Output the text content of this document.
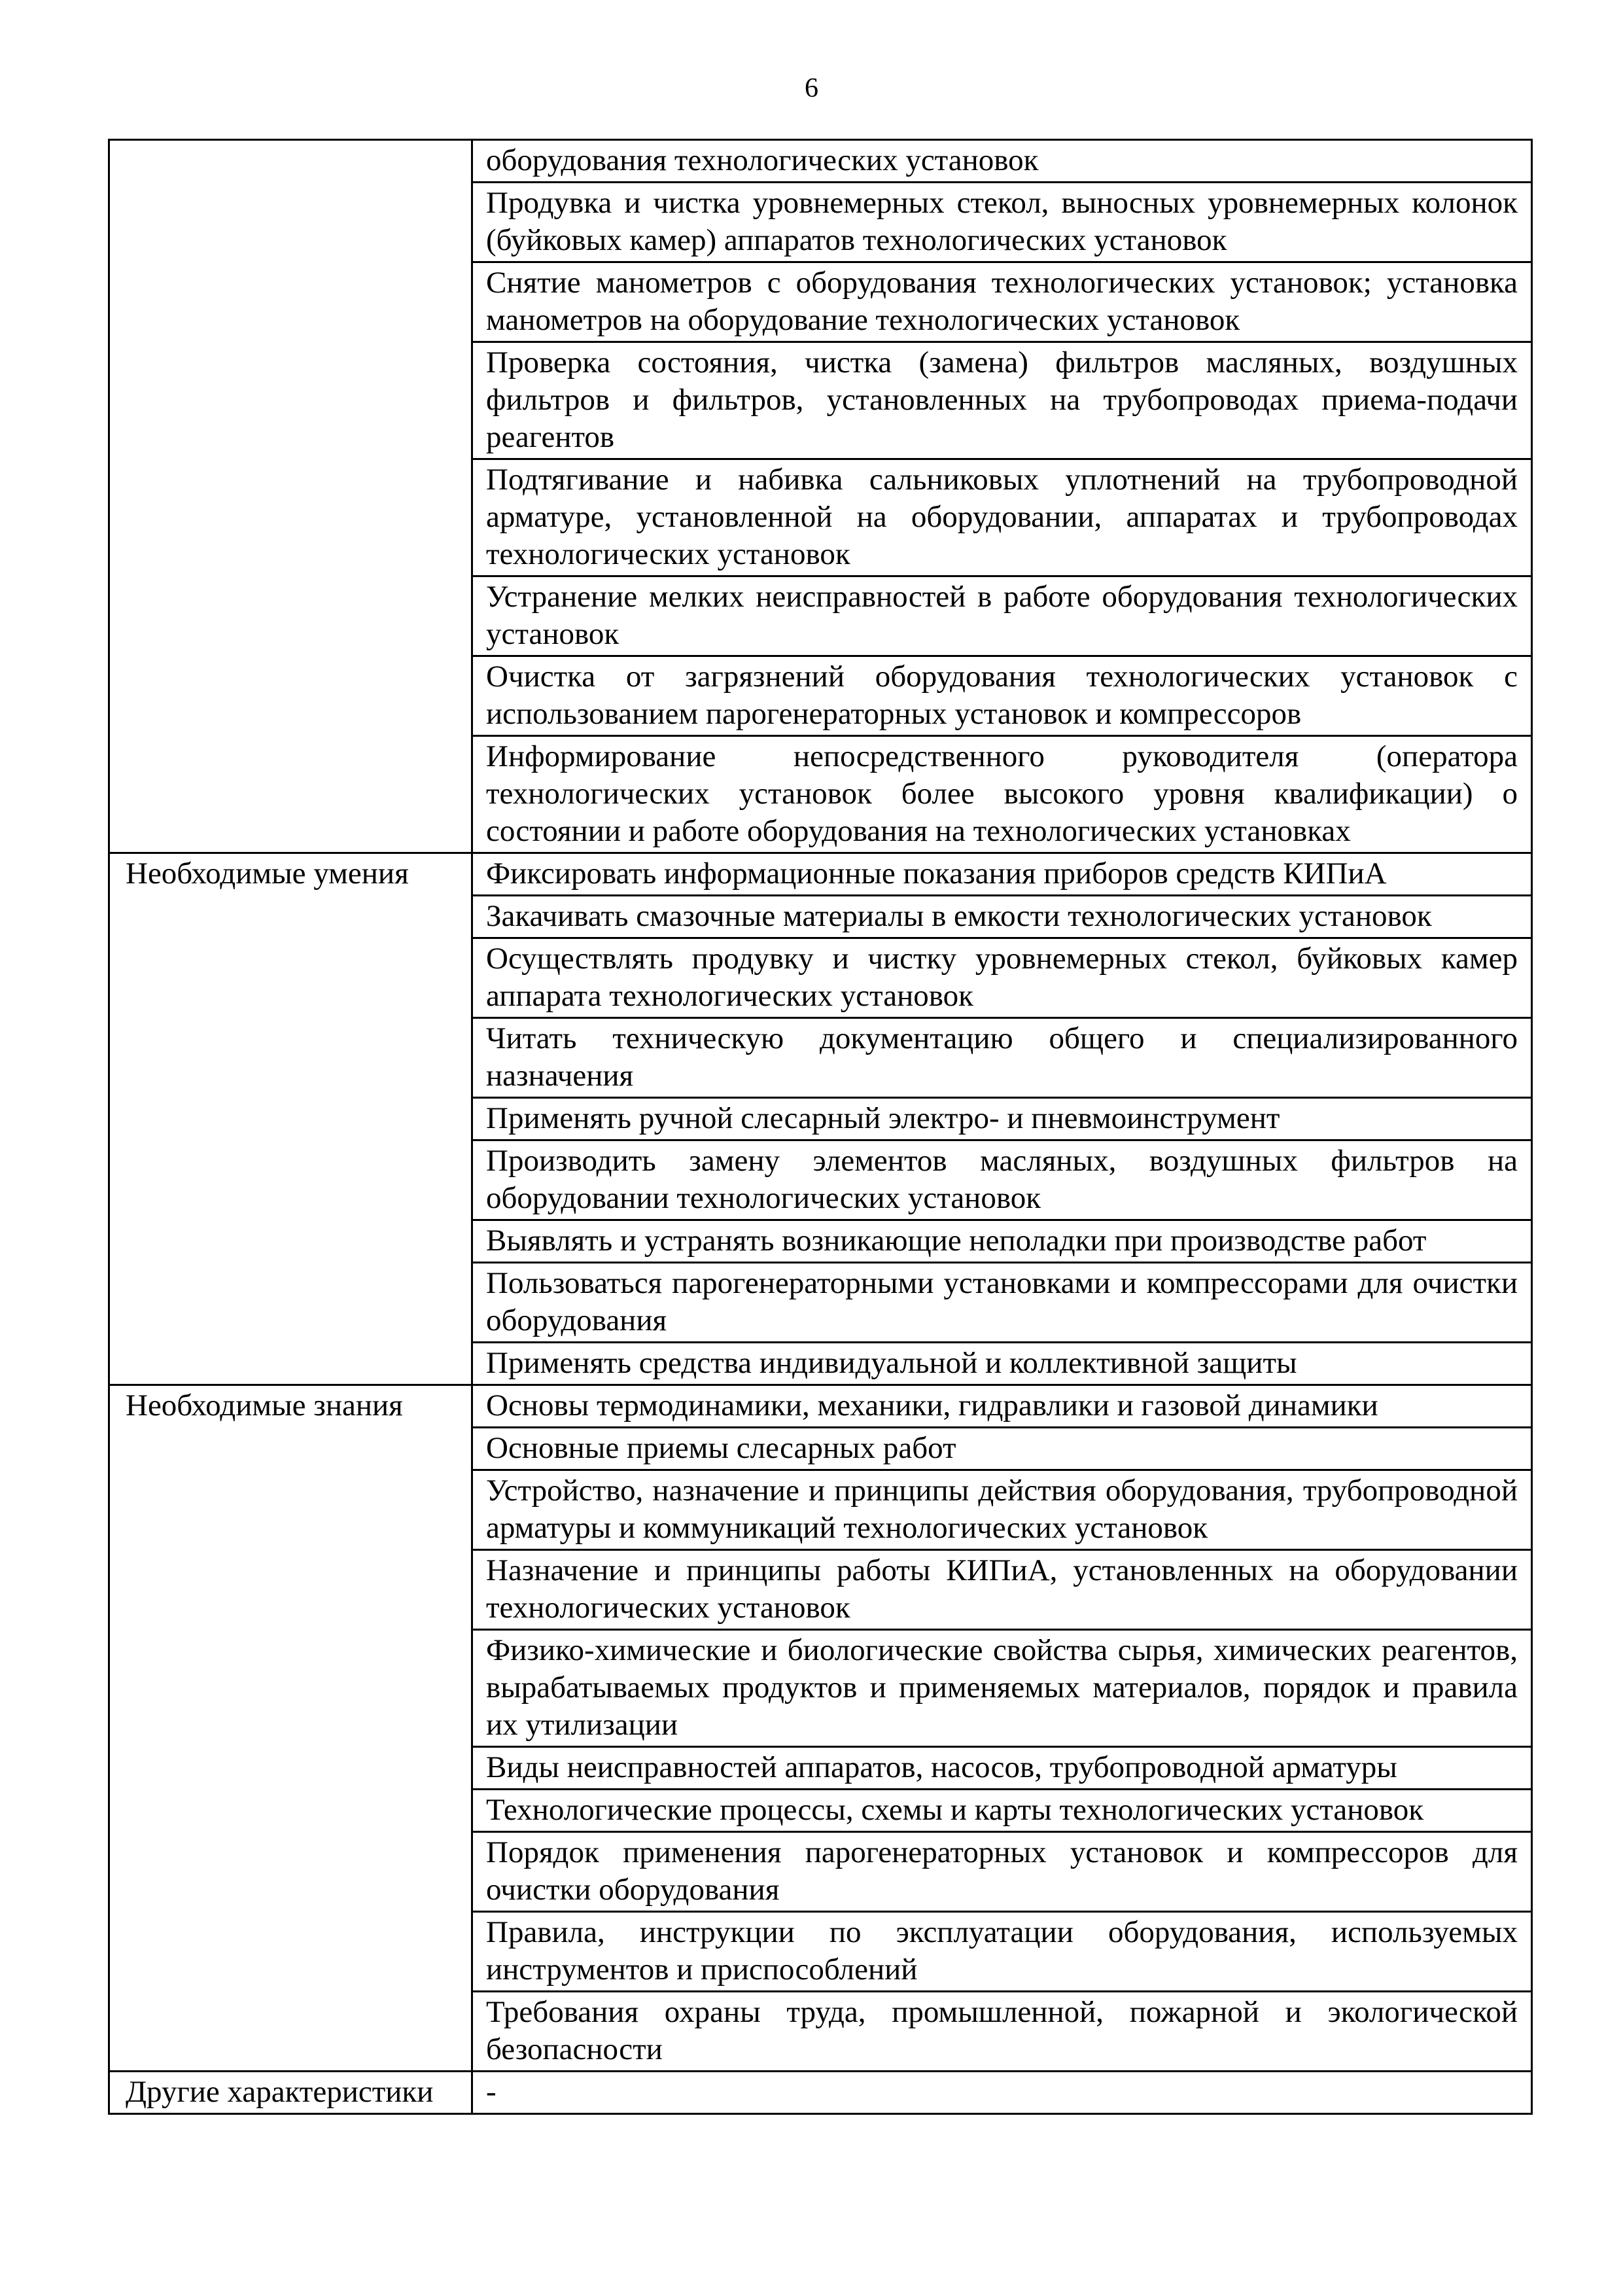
6
	оборудования технологических установок
	Продувка и чистка уровнемерных стекол, выносных уровнемерных колонок (буйковых камер) аппаратов технологических установок
	Снятие манометров с оборудования технологических установок; установка манометров на оборудование технологических установок
	Проверка состояния, чистка (замена) фильтров масляных, воздушных фильтров и фильтров, установленных на трубопроводах приема-подачи реагентов
	Подтягивание и набивка сальниковых уплотнений на трубопроводной арматуре, установленной на оборудовании, аппаратах и трубопроводах технологических установок
	Устранение мелких неисправностей в работе оборудования технологических установок
	Очистка от загрязнений оборудования технологических установок с использованием парогенераторных установок и компрессоров
	Информирование непосредственного руководителя (оператора технологических установок более высокого уровня квалификации) о состоянии и работе оборудования на технологических установках
Необходимые умения	Фиксировать информационные показания приборов средств КИПиА
	Закачивать смазочные материалы в емкости технологических установок
	Осуществлять продувку и чистку уровнемерных стекол, буйковых камер аппарата технологических установок
	Читать техническую документацию общего и специализированного назначения
	Применять ручной слесарный электро- и пневмоинструмент
	Производить замену элементов масляных, воздушных фильтров на оборудовании технологических установок
	Выявлять и устранять возникающие неполадки при производстве работ
	Пользоваться парогенераторными установками и компрессорами для очистки оборудования
	Применять средства индивидуальной и коллективной защиты
Необходимые знания	Основы термодинамики, механики, гидравлики и газовой динамики
	Основные приемы слесарных работ
	Устройство, назначение и принципы действия оборудования, трубопроводной арматуры и коммуникаций технологических установок
	Назначение и принципы работы КИПиА, установленных на оборудовании технологических установок
	Физико-химические и биологические свойства сырья, химических реагентов, вырабатываемых продуктов и применяемых материалов, порядок и правила их утилизации
	Виды неисправностей аппаратов, насосов, трубопроводной арматуры
	Технологические процессы, схемы и карты технологических установок
	Порядок применения парогенераторных установок и компрессоров для очистки оборудования
	Правила, инструкции по эксплуатации оборудования, используемых инструментов и приспособлений
	Требования охраны труда, промышленной, пожарной и экологической безопасности
Другие характеристики	-
